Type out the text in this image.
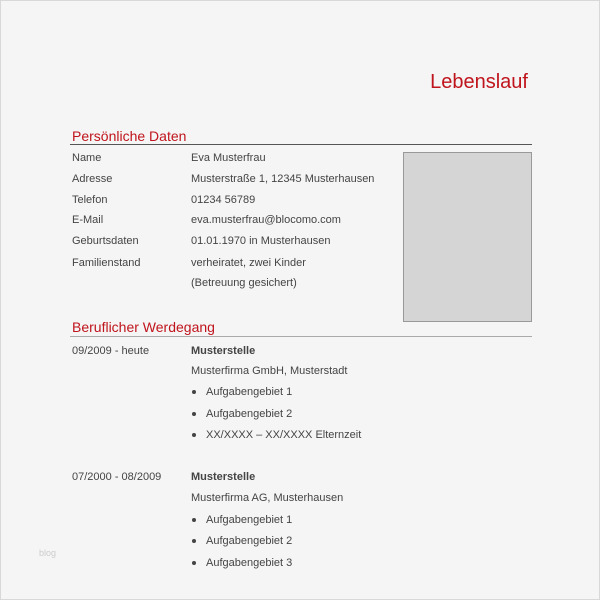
Lebenslauf
Persönliche Daten
Name	Eva Musterfrau
Adresse	Musterstraße 1, 12345 Musterhausen
Telefon	01234 56789
E-Mail	eva.musterfrau@blocomo.com
Geburtsdaten	01.01.1970 in Musterhausen
Familienstand	verheiratet, zwei Kinder
(Betreuung gesichert)
Beruflicher Werdegang
09/2009 - heute	Musterstelle
Musterfirma GmbH, Musterstadt
Aufgabengebiet 1
Aufgabengebiet 2
XX/XXXX – XX/XXXX Elternzeit
07/2000 - 08/2009	Musterstelle
Musterfirma AG, Musterhausen
Aufgabengebiet 1
Aufgabengebiet 2
Aufgabengebiet 3
blog
